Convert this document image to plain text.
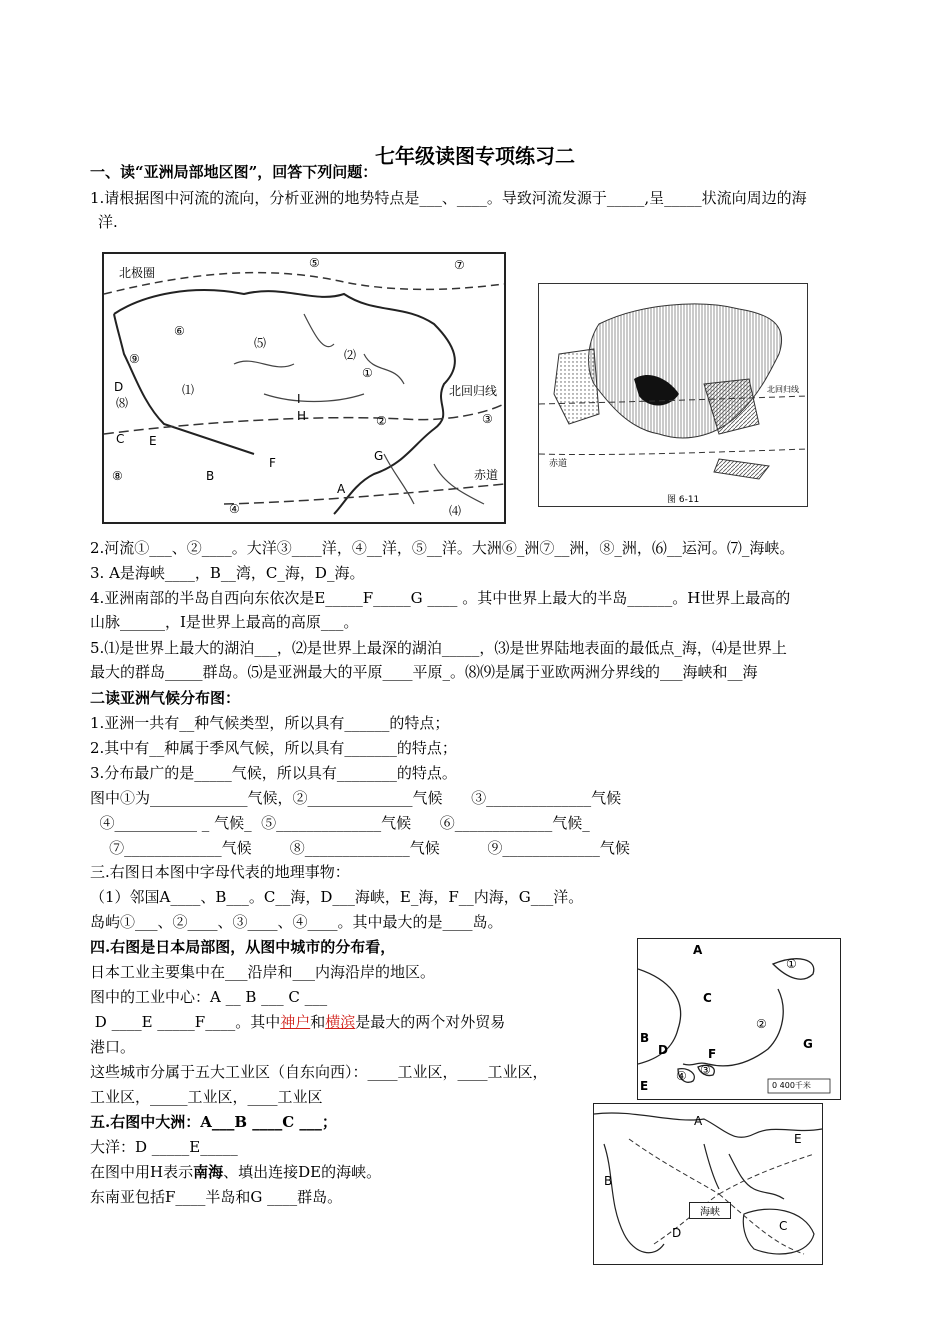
七年级读图专项练习二
一、读“亚洲局部地区图”，回答下列问题：
1.请根据图中河流的流向，分析亚洲的地势特点是___、____。导致河流发源于_____,呈_____状流向周边的海
洋.
北极圈
北回归线
赤道
⑤	⑦
⑥
⑸
⑵
⑨
①
⑴
D
⑻	I
H	②	③
C E
⑧
F	G
B
A
④	⑷
赤道
北回归线
图 6-11
2.河流①___、②____。大洋③____洋，④__洋，⑤__洋。大洲⑥_洲⑦__洲，⑧_洲，⑹__运河。⑺_海峡。
3. A是海峡____，B__湾，C_海，D_海。
4.亚洲南部的半岛自西向东依次是E_____F_____G ____ 。其中世界上最大的半岛______。H世界上最高的
山脉______，I是世界上最高的高原___。
5.⑴是世界上最大的湖泊___，⑵是世界上最深的湖泊_____，⑶是世界陆地表面的最低点_海，⑷是世界上
最大的群岛_____群岛。⑸是亚洲最大的平原____平原_。⑻⑼是属于亚欧两洲分界线的___海峡和__海
二读亚洲气候分布图：
1.亚洲一共有__种气候类型，所以具有______的特点；
2.其中有__种属于季风气候，所以具有_______的特点；
3.分布最广的是_____气候，所以具有________的特点。
图中①为_____________气候，②______________气候      ③______________气候
④___________ _ 气候_  ⑤______________气候      ⑥_____________气候_
⑦_____________气候        ⑧______________气候          ⑨_____________气候
三.右图日本图中字母代表的地理事物：
（1）邻国A____、B___。C__海，D___海峡，E_海，F__内海，G___洋。
岛屿①___、②____、③____、④____。其中最大的是____岛。
四.右图是日本局部图，从图中城市的分布看，
日本工业主要集中在___沿岸和___内海沿岸的地区。
图中的工业中心：A __ B ___ C ___
D ____E _____F____。其中神户和横滨是最大的两个对外贸易
港口。
这些城市分属于五大工业区（自东向西）：____工业区，____工业区，
工业区，_____工业区，____工业区
A
C
B
D
E
F
G
①
②
③
④
0 400千米
五.右图中大洲：A___B ____C ___；
大洋：D _____E_____
在图中用H表示南海、填出连接DE的海峡。
东南亚包括F____半岛和G ____群岛。
A
E
B
C
D
海峡
